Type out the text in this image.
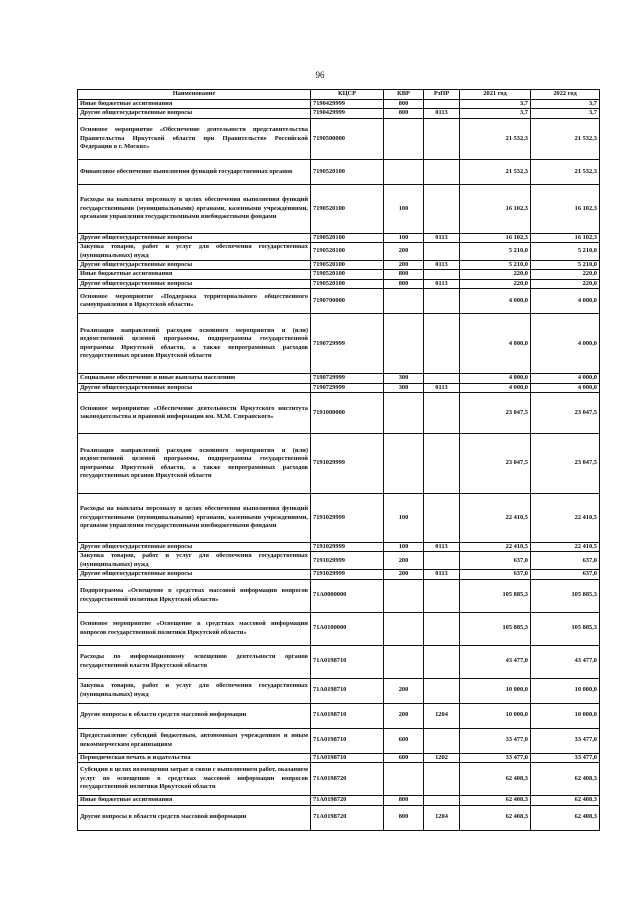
96
Наименование	КЦСР	КВР	РзПР	2021 год	2022 год
Иные бюджетные ассигнования	7190429999	800		3,7	3,7
Другие общегосударственные вопросы	7190429999	800	0113	3,7	3,7
Основное мероприятие «Обеспечение деятельности представительства Правительства Иркутской области при Правительстве Российской Федерации в г. Москве»	7190500000			21 532,3	21 532,3
Финансовое обеспечение выполнения функций государственных органов	7190520100			21 532,3	21 532,3
Расходы на выплаты персоналу в целях обеспечения выполнения функций государственными (муниципальными) органами, казенными учреждениями, органами управления государственными внебюджетными фондами	7190520100	100		16 102,3	16 102,3
Другие общегосударственные вопросы	7190520100	100	0113	16 102,3	16 102,3
Закупка товаров, работ и услуг для обеспечения государственных (муниципальных) нужд	7190520100	200		5 210,0	5 210,0
Другие общегосударственные вопросы	7190520100	200	0113	5 210,0	5 210,0
Иные бюджетные ассигнования	7190520100	800		220,0	220,0
Другие общегосударственные вопросы	7190520100	800	0113	220,0	220,0
Основное мероприятие «Поддержка территориального общественного самоуправления в Иркутской области»	7190700000			4 000,0	4 000,0
Реализация направлений расходов основного мероприятия и (или) ведомственной целевой программы, подпрограммы государственной программы Иркутской области, а также непрограммных расходов государственных органов Иркутской области	7190729999			4 000,0	4 000,0
Социальное обеспечение и иные выплаты населению	7190729999	300		4 000,0	4 000,0
Другие общегосударственные вопросы	7190729999	300	0113	4 000,0	4 000,0
Основное мероприятие «Обеспечение деятельности Иркутского института законодательства и правовой информации им. М.М. Сперанского»	7191000000			23 047,5	23 047,5
Реализация направлений расходов основного мероприятия и (или) ведомственной целевой программы, подпрограммы государственной программы Иркутской области, а также непрограммных расходов государственных органов Иркутской области	7191029999			23 047,5	23 047,5
Расходы на выплаты персоналу в целях обеспечения выполнения функций государственными (муниципальными) органами, казенными учреждениями, органами управления государственными внебюджетными фондами	7191029999	100		22 410,5	22 410,5
Другие общегосударственные вопросы	7191029999	100	0113	22 410,5	22 410,5
Закупка товаров, работ и услуг для обеспечения государственных (муниципальных) нужд	7191029999	200		637,0	637,0
Другие общегосударственные вопросы	7191029999	200	0113	637,0	637,0
Подпрограмма «Освещение в средствах массовой информации вопросов государственной политики Иркутской области»	71А0000000			105 885,3	105 885,3
Основное мероприятие «Освещение в средствах массовой информации вопросов государственной политики Иркутской области»	71А0100000			105 885,3	105 885,3
Расходы по информационному освещению деятельности органов государственной власти Иркутской области	71А0198710			43 477,0	43 477,0
Закупка товаров, работ и услуг для обеспечения государственных (муниципальных) нужд	71А0198710	200		10 000,0	10 000,0
Другие вопросы в области средств массовой информации	71А0198710	200	1204	10 000,0	10 000,0
Предоставление субсидий бюджетным, автономным учреждениям и иным некоммерческим организациям	71А0198710	600		33 477,0	33 477,0
Периодическая печать и издательства	71А0198710	600	1202	33 477,0	33 477,0
Субсидии в целях возмещения затрат в связи с выполнением работ, оказанием услуг по освещению в средствах массовой информации вопросов государственной политики Иркутской области	71А0198720			62 408,3	62 408,3
Иные бюджетные ассигнования	71А0198720	800		62 408,3	62 408,3
Другие вопросы в области средств массовой информации	71А0198720	800	1204	62 408,3	62 408,3
